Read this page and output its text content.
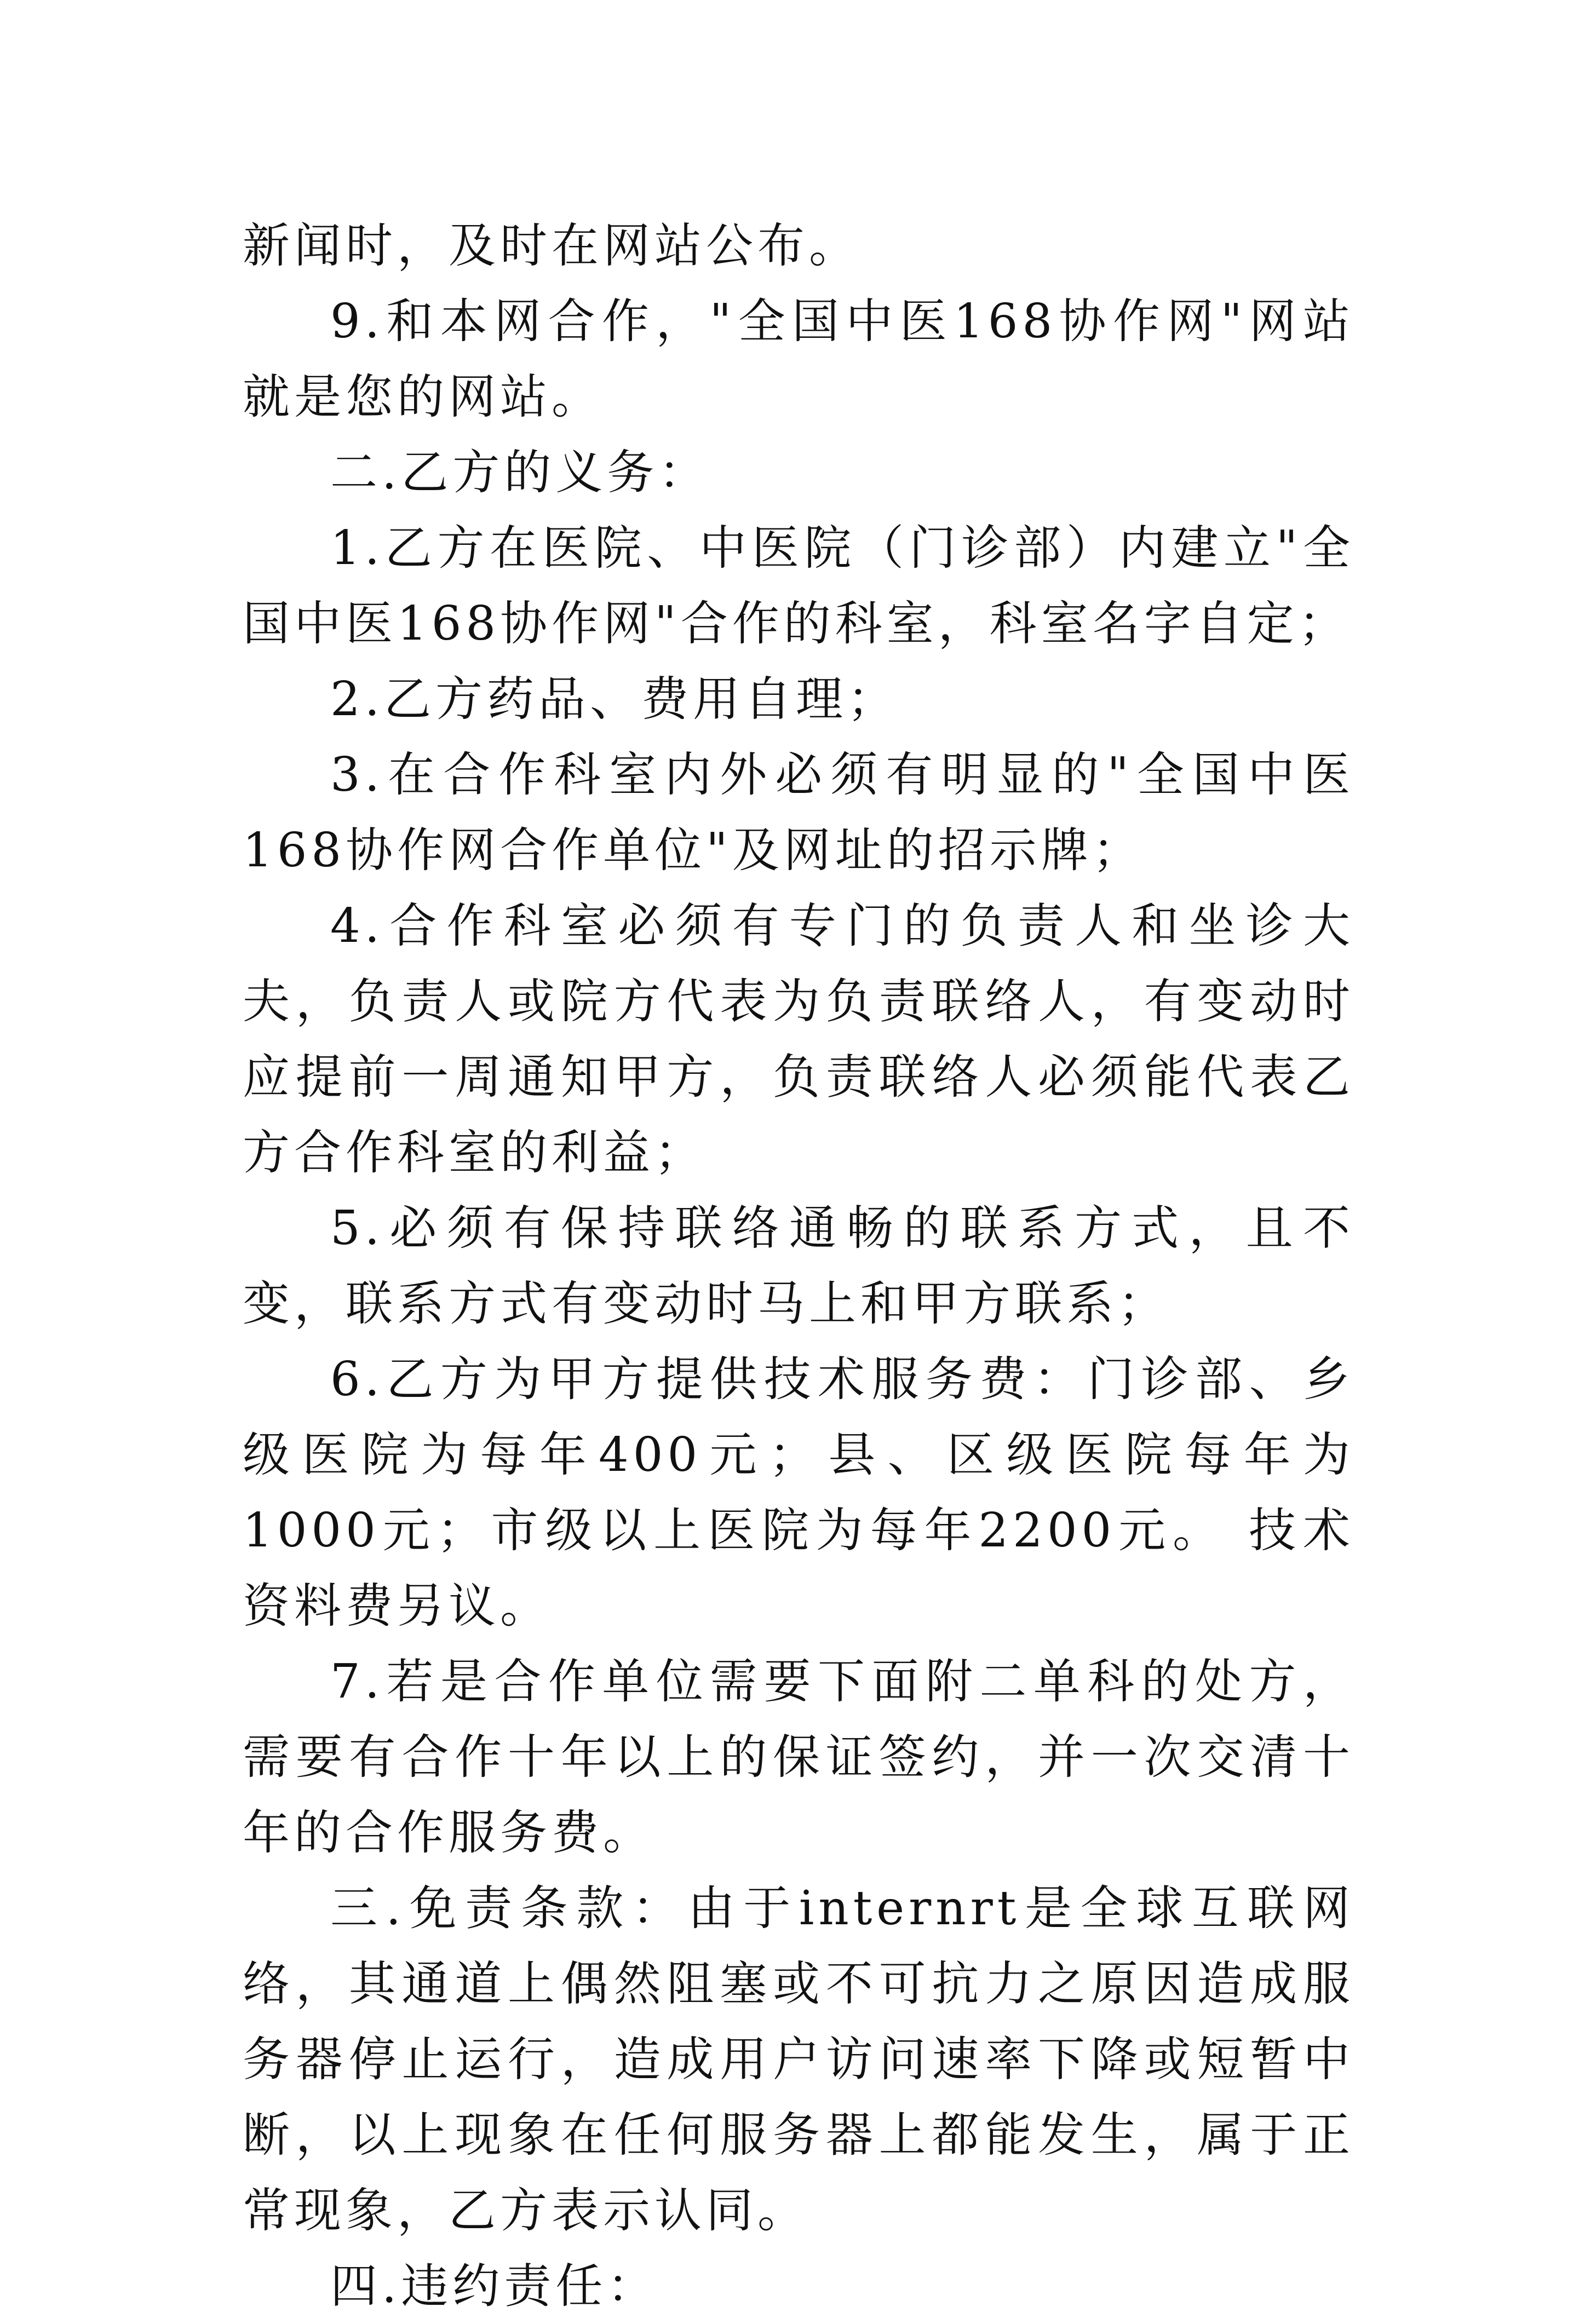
新闻时，及时在网站公布。

9.和本网合作，"全国中医168协作网"网站就是您的网站。

二.乙方的义务：

1.乙方在医院、中医院（门诊部）内建立"全国中医168协作网"合作的科室，科室名字自定；

2.乙方药品、费用自理；

3.在合作科室内外必须有明显的"全国中医168协作网合作单位"及网址的招示牌；

4.合作科室必须有专门的负责人和坐诊大夫，负责人或院方代表为负责联络人，有变动时应提前一周通知甲方，负责联络人必须能代表乙方合作科室的利益；

5.必须有保持联络通畅的联系方式，且不变，联系方式有变动时马上和甲方联系；

6.乙方为甲方提供技术服务费：门诊部、乡级医院为每年400元；县、区级医院每年为1000元；市级以上医院为每年2200元。 技术资料费另议。

7.若是合作单位需要下面附二单科的处方，需要有合作十年以上的保证签约，并一次交清十年的合作服务费。

三.免责条款：由于internrt是全球互联网络，其通道上偶然阻塞或不可抗力之原因造成服务器停止运行，造成用户访问速率下降或短暂中断，以上现象在任何服务器上都能发生，属于正常现象，乙方表示认同。

四.违约责任：
